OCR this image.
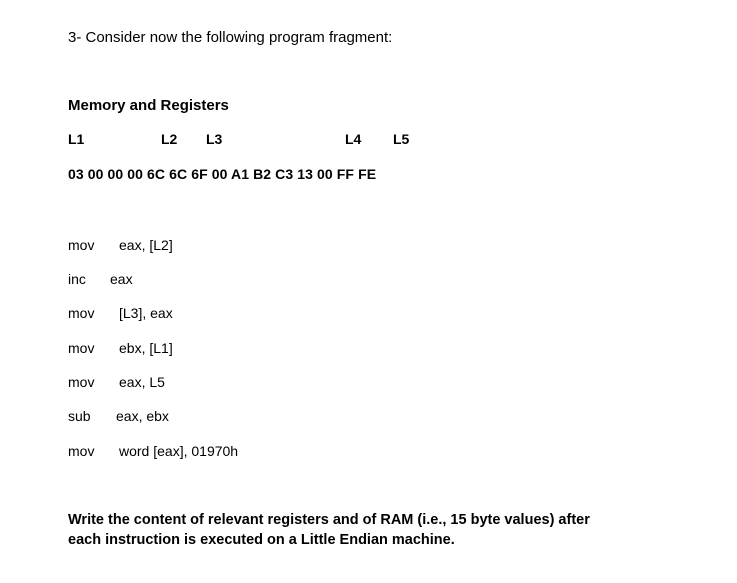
3- Consider now the following program fragment:
Memory and Registers
L1	L2 L3	L4 L5
03 00 00 00 6C 6C 6F 00 A1 B2 C3 13 00 FF FE
mov eax, [L2]
inc eax
mov [L3], eax
mov ebx, [L1]
mov eax, L5
sub eax, ebx
mov word [eax], 01970h
Write the content of relevant registers and of RAM (i.e., 15 byte values) after
each instruction is executed on a Little Endian machine.
